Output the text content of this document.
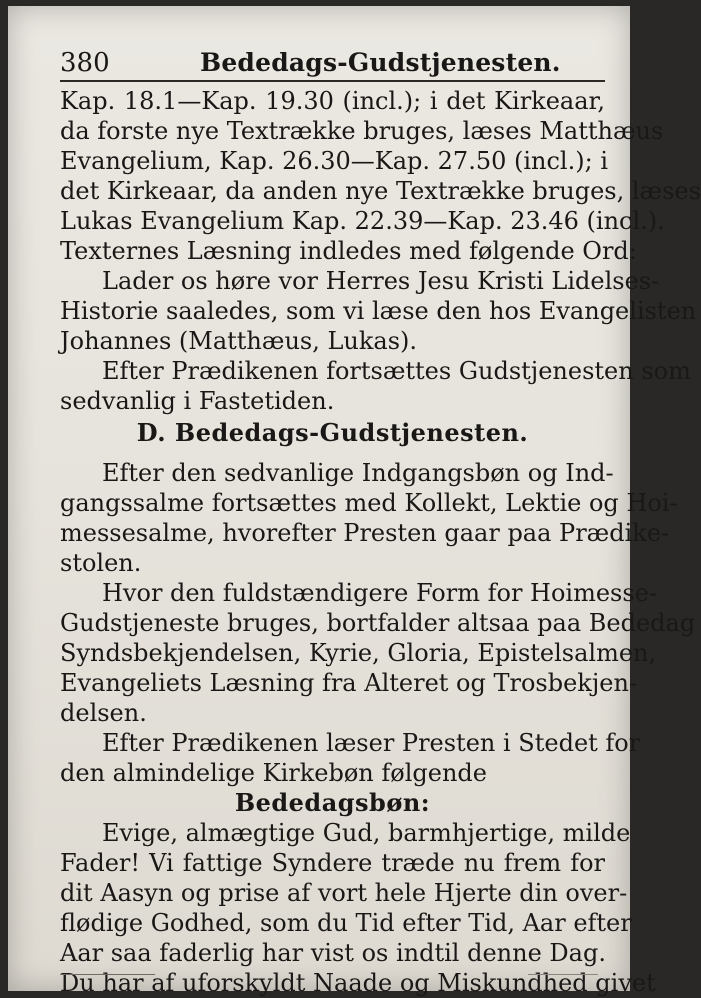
380	Bededags-Gudstjenesten.
Kap. 18.1—Kap. 19.30 (incl.); i det Kirkeaar,
da forste nye Textrække bruges, læses Matthæus
Evangelium, Kap. 26.30—Kap. 27.50 (incl.); i
det Kirkeaar, da anden nye Textrække bruges, læses
Lukas Evangelium Kap. 22.39—Kap. 23.46 (incl.).
Texternes Læsning indledes med følgende Ord:
Lader os høre vor Herres Jesu Kristi Lidelses-
Historie saaledes, som vi læse den hos Evangelisten
Johannes (Matthæus, Lukas).
Efter Prædikenen fortsættes Gudstjenesten som
sedvanlig i Fastetiden.
D. Bededags-Gudstjenesten.
Efter den sedvanlige Indgangsbøn og Ind-
gangssalme fortsættes med Kollekt, Lektie og Hoi-
messesalme, hvorefter Presten gaar paa Prædike-
stolen.
Hvor den fuldstændigere Form for Hoimesse-
Gudstjeneste bruges, bortfalder altsaa paa Bededag
Syndsbekjendelsen, Kyrie, Gloria, Epistelsalmen,
Evangeliets Læsning fra Alteret og Trosbekjen-
delsen.
Efter Prædikenen læser Presten i Stedet for
den almindelige Kirkebøn følgende
Bededagsbøn:
Evige, almægtige Gud, barmhjertige, milde
Fader! Vi fattige Syndere træde nu frem for
dit Aasyn og prise af vort hele Hjerte din over-
flødige Godhed, som du Tid efter Tid, Aar efter
Aar saa faderlig har vist os indtil denne Dag.
Du har af uforskyldt Naade og Miskundhed givet
